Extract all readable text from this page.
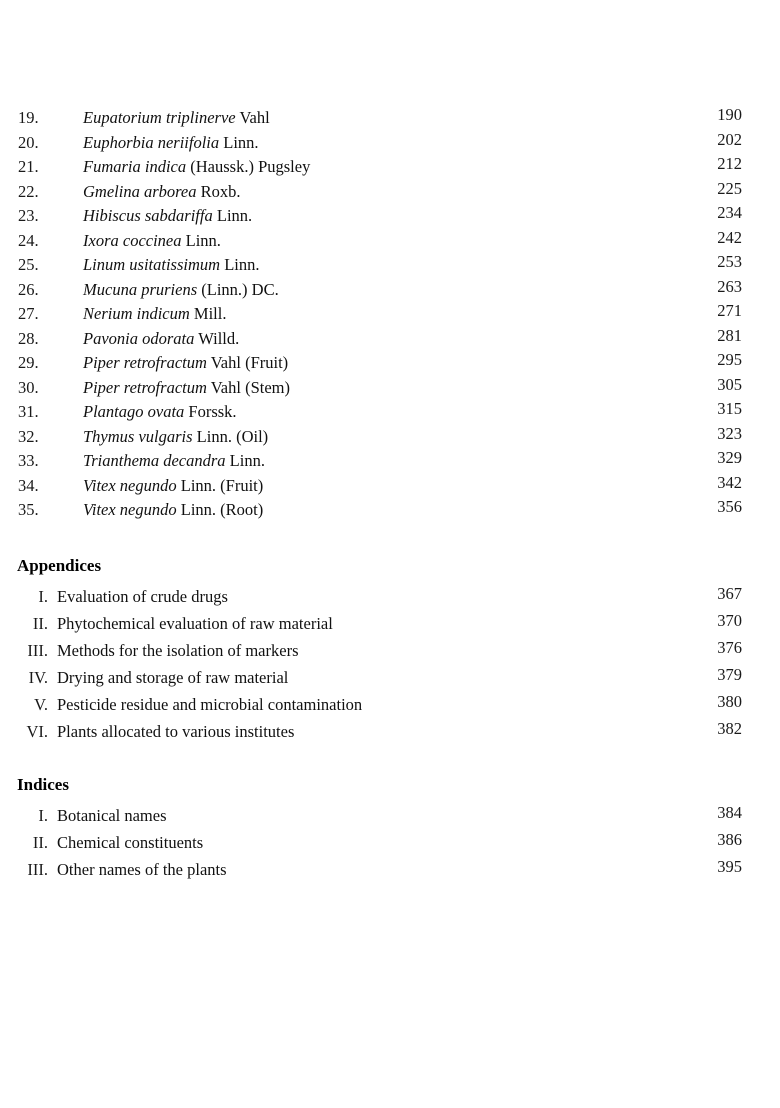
19.	Eupatorium triplinerve Vahl	190
20.	Euphorbia neriifolia Linn.	202
21.	Fumaria indica (Haussk.) Pugsley	212
22.	Gmelina arborea Roxb.	225
23.	Hibiscus sabdariffa Linn.	234
24.	Ixora coccinea Linn.	242
25.	Linum usitatissimum Linn.	253
26.	Mucuna pruriens (Linn.) DC.	263
27.	Nerium indicum Mill.	271
28.	Pavonia odorata Willd.	281
29.	Piper retrofractum Vahl (Fruit)	295
30.	Piper retrofractum Vahl (Stem)	305
31.	Plantago ovata Forssk.	315
32.	Thymus vulgaris Linn. (Oil)	323
33.	Trianthema decandra Linn.	329
34.	Vitex negundo Linn. (Fruit)	342
35.	Vitex negundo Linn. (Root)	356
Appendices
I. Evaluation of crude drugs	367
II. Phytochemical evaluation of raw material	370
III. Methods for the isolation of markers	376
IV. Drying and storage of raw material	379
V. Pesticide residue and microbial contamination	380
VI. Plants allocated to various institutes	382
Indices
I. Botanical names	384
II. Chemical constituents	386
III. Other names of the plants	395
